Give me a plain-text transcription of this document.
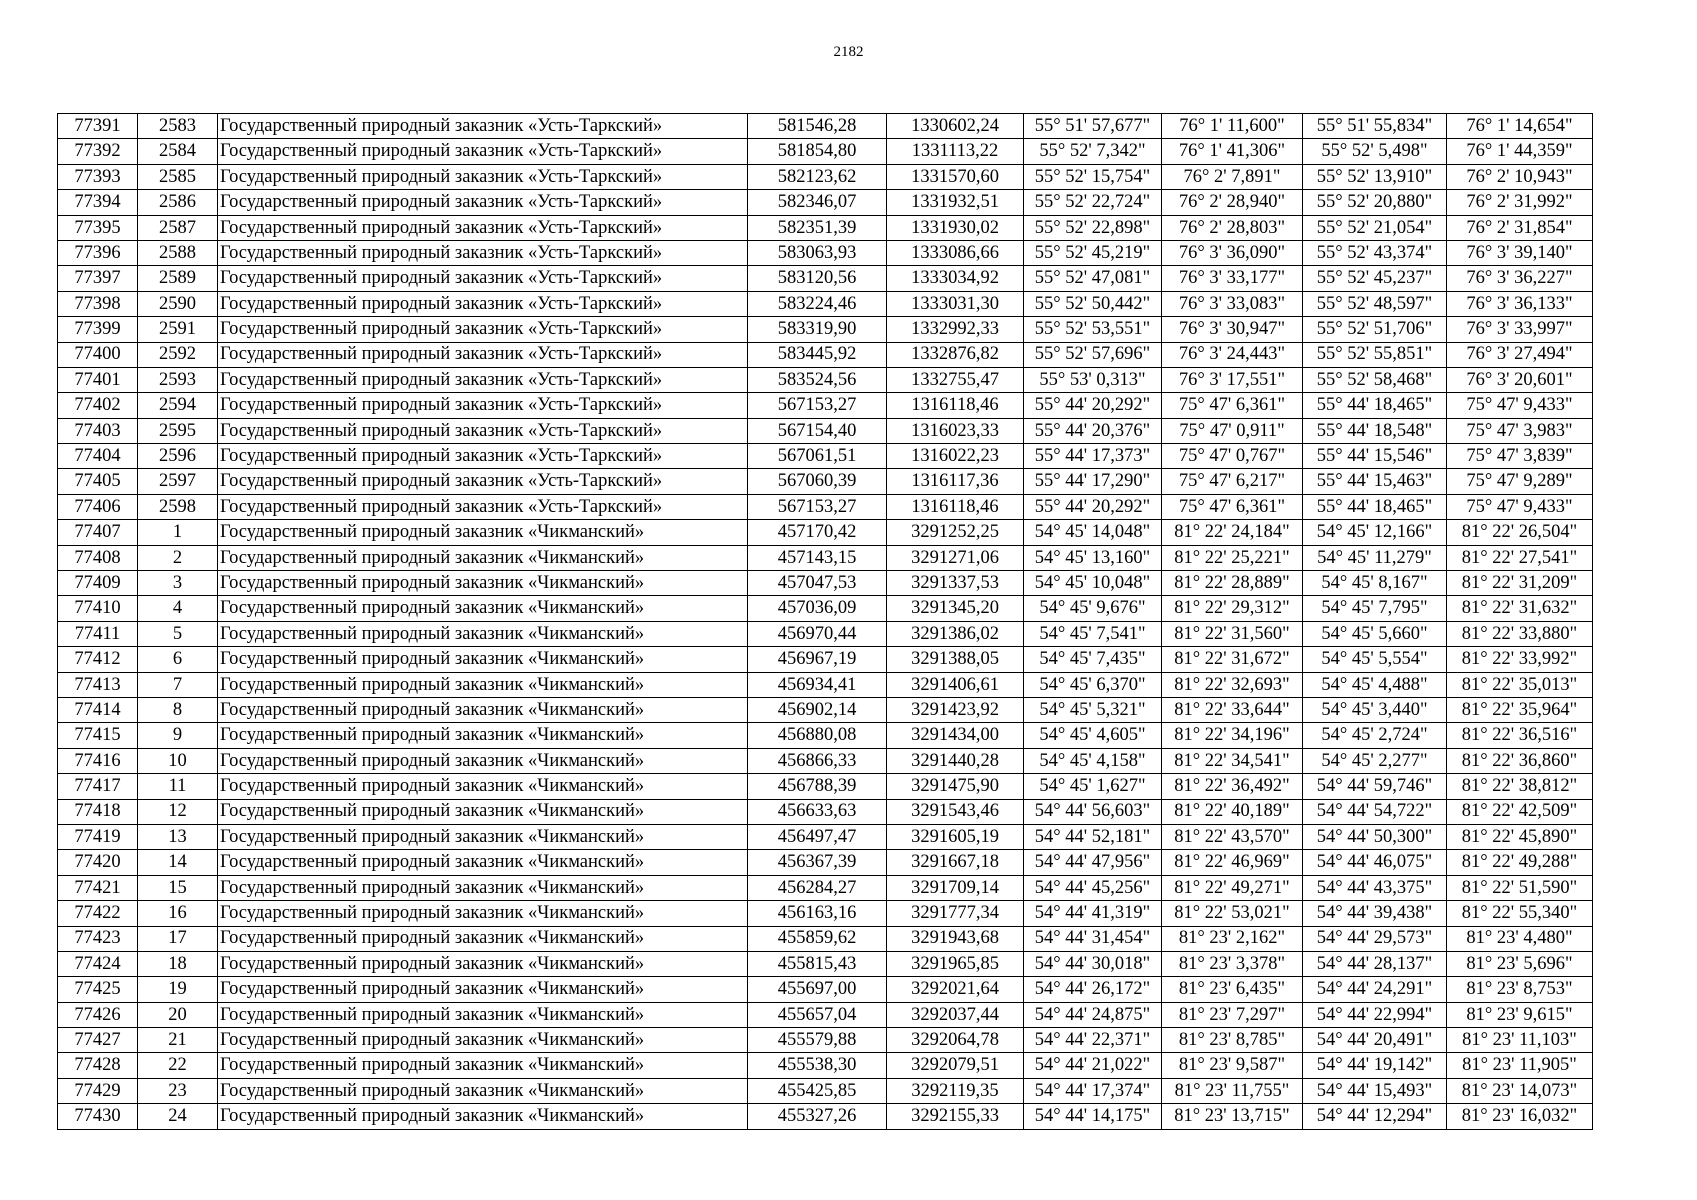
2182
77391	2583	Государственный природный заказник «Усть-Таркский»	581546,28	1330602,24	55° 51' 57,677"	76° 1' 11,600"	55° 51' 55,834"	76° 1' 14,654"
77392	2584	Государственный природный заказник «Усть-Таркский»	581854,80	1331113,22	55° 52' 7,342"	76° 1' 41,306"	55° 52' 5,498"	76° 1' 44,359"
77393	2585	Государственный природный заказник «Усть-Таркский»	582123,62	1331570,60	55° 52' 15,754"	76° 2' 7,891"	55° 52' 13,910"	76° 2' 10,943"
77394	2586	Государственный природный заказник «Усть-Таркский»	582346,07	1331932,51	55° 52' 22,724"	76° 2' 28,940"	55° 52' 20,880"	76° 2' 31,992"
77395	2587	Государственный природный заказник «Усть-Таркский»	582351,39	1331930,02	55° 52' 22,898"	76° 2' 28,803"	55° 52' 21,054"	76° 2' 31,854"
77396	2588	Государственный природный заказник «Усть-Таркский»	583063,93	1333086,66	55° 52' 45,219"	76° 3' 36,090"	55° 52' 43,374"	76° 3' 39,140"
77397	2589	Государственный природный заказник «Усть-Таркский»	583120,56	1333034,92	55° 52' 47,081"	76° 3' 33,177"	55° 52' 45,237"	76° 3' 36,227"
77398	2590	Государственный природный заказник «Усть-Таркский»	583224,46	1333031,30	55° 52' 50,442"	76° 3' 33,083"	55° 52' 48,597"	76° 3' 36,133"
77399	2591	Государственный природный заказник «Усть-Таркский»	583319,90	1332992,33	55° 52' 53,551"	76° 3' 30,947"	55° 52' 51,706"	76° 3' 33,997"
77400	2592	Государственный природный заказник «Усть-Таркский»	583445,92	1332876,82	55° 52' 57,696"	76° 3' 24,443"	55° 52' 55,851"	76° 3' 27,494"
77401	2593	Государственный природный заказник «Усть-Таркский»	583524,56	1332755,47	55° 53' 0,313"	76° 3' 17,551"	55° 52' 58,468"	76° 3' 20,601"
77402	2594	Государственный природный заказник «Усть-Таркский»	567153,27	1316118,46	55° 44' 20,292"	75° 47' 6,361"	55° 44' 18,465"	75° 47' 9,433"
77403	2595	Государственный природный заказник «Усть-Таркский»	567154,40	1316023,33	55° 44' 20,376"	75° 47' 0,911"	55° 44' 18,548"	75° 47' 3,983"
77404	2596	Государственный природный заказник «Усть-Таркский»	567061,51	1316022,23	55° 44' 17,373"	75° 47' 0,767"	55° 44' 15,546"	75° 47' 3,839"
77405	2597	Государственный природный заказник «Усть-Таркский»	567060,39	1316117,36	55° 44' 17,290"	75° 47' 6,217"	55° 44' 15,463"	75° 47' 9,289"
77406	2598	Государственный природный заказник «Усть-Таркский»	567153,27	1316118,46	55° 44' 20,292"	75° 47' 6,361"	55° 44' 18,465"	75° 47' 9,433"
77407	1	Государственный природный заказник «Чикманский»	457170,42	3291252,25	54° 45' 14,048"	81° 22' 24,184"	54° 45' 12,166"	81° 22' 26,504"
77408	2	Государственный природный заказник «Чикманский»	457143,15	3291271,06	54° 45' 13,160"	81° 22' 25,221"	54° 45' 11,279"	81° 22' 27,541"
77409	3	Государственный природный заказник «Чикманский»	457047,53	3291337,53	54° 45' 10,048"	81° 22' 28,889"	54° 45' 8,167"	81° 22' 31,209"
77410	4	Государственный природный заказник «Чикманский»	457036,09	3291345,20	54° 45' 9,676"	81° 22' 29,312"	54° 45' 7,795"	81° 22' 31,632"
77411	5	Государственный природный заказник «Чикманский»	456970,44	3291386,02	54° 45' 7,541"	81° 22' 31,560"	54° 45' 5,660"	81° 22' 33,880"
77412	6	Государственный природный заказник «Чикманский»	456967,19	3291388,05	54° 45' 7,435"	81° 22' 31,672"	54° 45' 5,554"	81° 22' 33,992"
77413	7	Государственный природный заказник «Чикманский»	456934,41	3291406,61	54° 45' 6,370"	81° 22' 32,693"	54° 45' 4,488"	81° 22' 35,013"
77414	8	Государственный природный заказник «Чикманский»	456902,14	3291423,92	54° 45' 5,321"	81° 22' 33,644"	54° 45' 3,440"	81° 22' 35,964"
77415	9	Государственный природный заказник «Чикманский»	456880,08	3291434,00	54° 45' 4,605"	81° 22' 34,196"	54° 45' 2,724"	81° 22' 36,516"
77416	10	Государственный природный заказник «Чикманский»	456866,33	3291440,28	54° 45' 4,158"	81° 22' 34,541"	54° 45' 2,277"	81° 22' 36,860"
77417	11	Государственный природный заказник «Чикманский»	456788,39	3291475,90	54° 45' 1,627"	81° 22' 36,492"	54° 44' 59,746"	81° 22' 38,812"
77418	12	Государственный природный заказник «Чикманский»	456633,63	3291543,46	54° 44' 56,603"	81° 22' 40,189"	54° 44' 54,722"	81° 22' 42,509"
77419	13	Государственный природный заказник «Чикманский»	456497,47	3291605,19	54° 44' 52,181"	81° 22' 43,570"	54° 44' 50,300"	81° 22' 45,890"
77420	14	Государственный природный заказник «Чикманский»	456367,39	3291667,18	54° 44' 47,956"	81° 22' 46,969"	54° 44' 46,075"	81° 22' 49,288"
77421	15	Государственный природный заказник «Чикманский»	456284,27	3291709,14	54° 44' 45,256"	81° 22' 49,271"	54° 44' 43,375"	81° 22' 51,590"
77422	16	Государственный природный заказник «Чикманский»	456163,16	3291777,34	54° 44' 41,319"	81° 22' 53,021"	54° 44' 39,438"	81° 22' 55,340"
77423	17	Государственный природный заказник «Чикманский»	455859,62	3291943,68	54° 44' 31,454"	81° 23' 2,162"	54° 44' 29,573"	81° 23' 4,480"
77424	18	Государственный природный заказник «Чикманский»	455815,43	3291965,85	54° 44' 30,018"	81° 23' 3,378"	54° 44' 28,137"	81° 23' 5,696"
77425	19	Государственный природный заказник «Чикманский»	455697,00	3292021,64	54° 44' 26,172"	81° 23' 6,435"	54° 44' 24,291"	81° 23' 8,753"
77426	20	Государственный природный заказник «Чикманский»	455657,04	3292037,44	54° 44' 24,875"	81° 23' 7,297"	54° 44' 22,994"	81° 23' 9,615"
77427	21	Государственный природный заказник «Чикманский»	455579,88	3292064,78	54° 44' 22,371"	81° 23' 8,785"	54° 44' 20,491"	81° 23' 11,103"
77428	22	Государственный природный заказник «Чикманский»	455538,30	3292079,51	54° 44' 21,022"	81° 23' 9,587"	54° 44' 19,142"	81° 23' 11,905"
77429	23	Государственный природный заказник «Чикманский»	455425,85	3292119,35	54° 44' 17,374"	81° 23' 11,755"	54° 44' 15,493"	81° 23' 14,073"
77430	24	Государственный природный заказник «Чикманский»	455327,26	3292155,33	54° 44' 14,175"	81° 23' 13,715"	54° 44' 12,294"	81° 23' 16,032"
